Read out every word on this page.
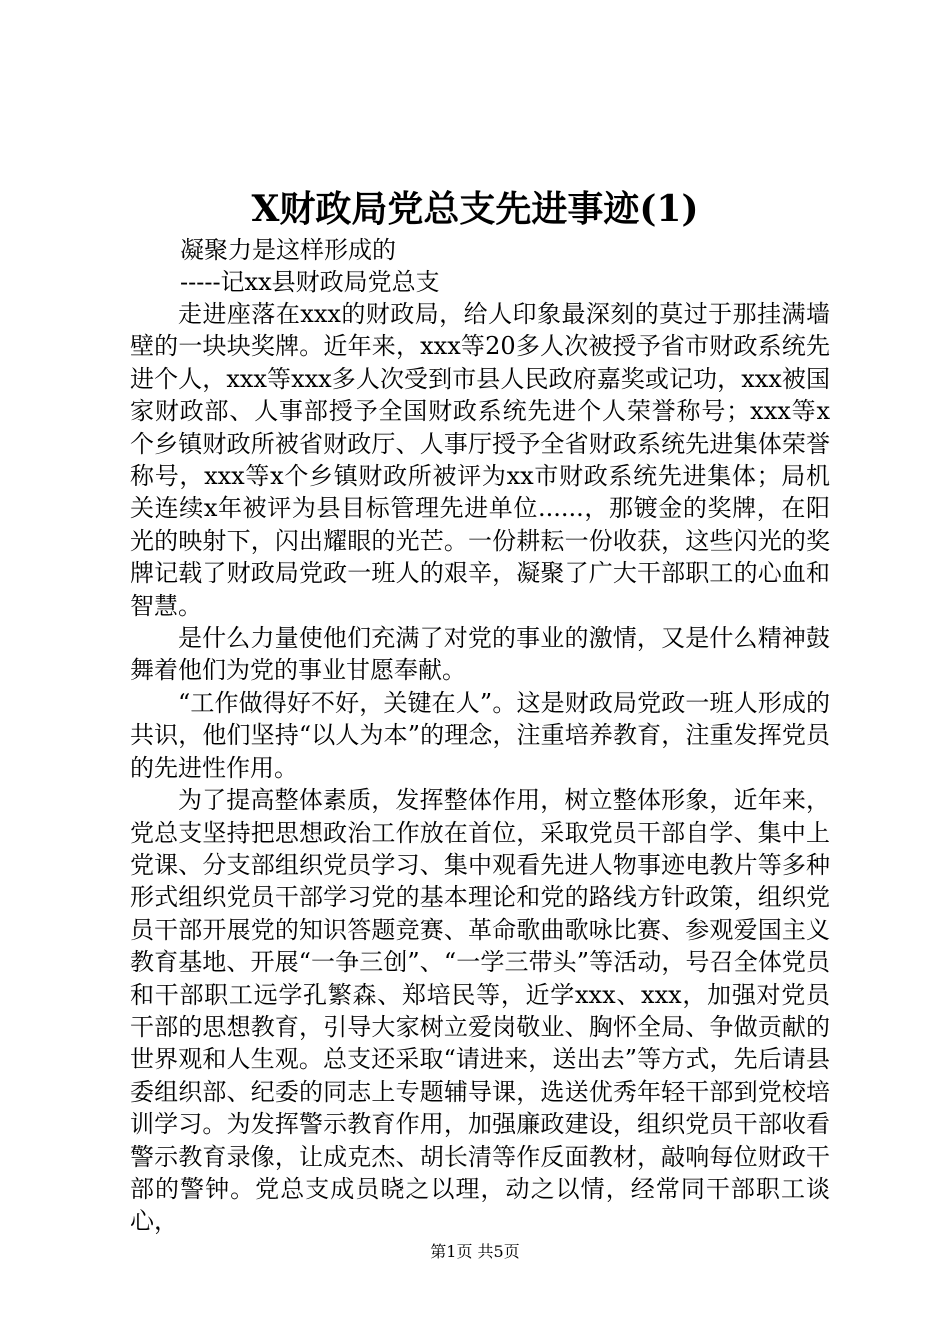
X财政局党总支先进事迹(1)
凝聚力是这样形成的
-----记xx县财政局党总支

走进座落在xxx的财政局，给人印象最深刻的莫过于那挂满墙壁的一块块奖牌。近年来，xxx等20多人次被授予省市财政系统先进个人，xxx等xxx多人次受到市县人民政府嘉奖或记功，xxx被国家财政部、人事部授予全国财政系统先进个人荣誉称号；xxx等x个乡镇财政所被省财政厅、人事厅授予全省财政系统先进集体荣誉称号，xxx等x个乡镇财政所被评为xx市财政系统先进集体；局机关连续x年被评为县目标管理先进单位......，那镀金的奖牌，在阳光的映射下，闪出耀眼的光芒。一份耕耘一份收获，这些闪光的奖牌记载了财政局党政一班人的艰辛，凝聚了广大干部职工的心血和智慧。

是什么力量使他们充满了对党的事业的激情，又是什么精神鼓舞着他们为党的事业甘愿奉献。

“工作做得好不好，关键在人”。这是财政局党政一班人形成的共识，他们坚持“以人为本”的理念，注重培养教育，注重发挥党员的先进性作用。

为了提高整体素质，发挥整体作用，树立整体形象，近年来，党总支坚持把思想政治工作放在首位，采取党员干部自学、集中上党课、分支部组织党员学习、集中观看先进人物事迹电教片等多种形式组织党员干部学习党的基本理论和党的路线方针政策，组织党员干部开展党的知识答题竞赛、革命歌曲歌咏比赛、参观爱国主义教育基地、开展“一争三创”、“一学三带头”等活动，号召全体党员和干部职工远学孔繁森、郑培民等，近学xxx、xxx，加强对党员干部的思想教育，引导大家树立爱岗敬业、胸怀全局、争做贡献的世界观和人生观。总支还采取“请进来，送出去”等方式，先后请县委组织部、纪委的同志上专题辅导课，选送优秀年轻干部到党校培训学习。为发挥警示教育作用，加强廉政建设，组织党员干部收看警示教育录像，让成克杰、胡长清等作反面教材，敲响每位财政干部的警钟。党总支成员晓之以理，动之以情，经常同干部职工谈心，

第1页 共5页
